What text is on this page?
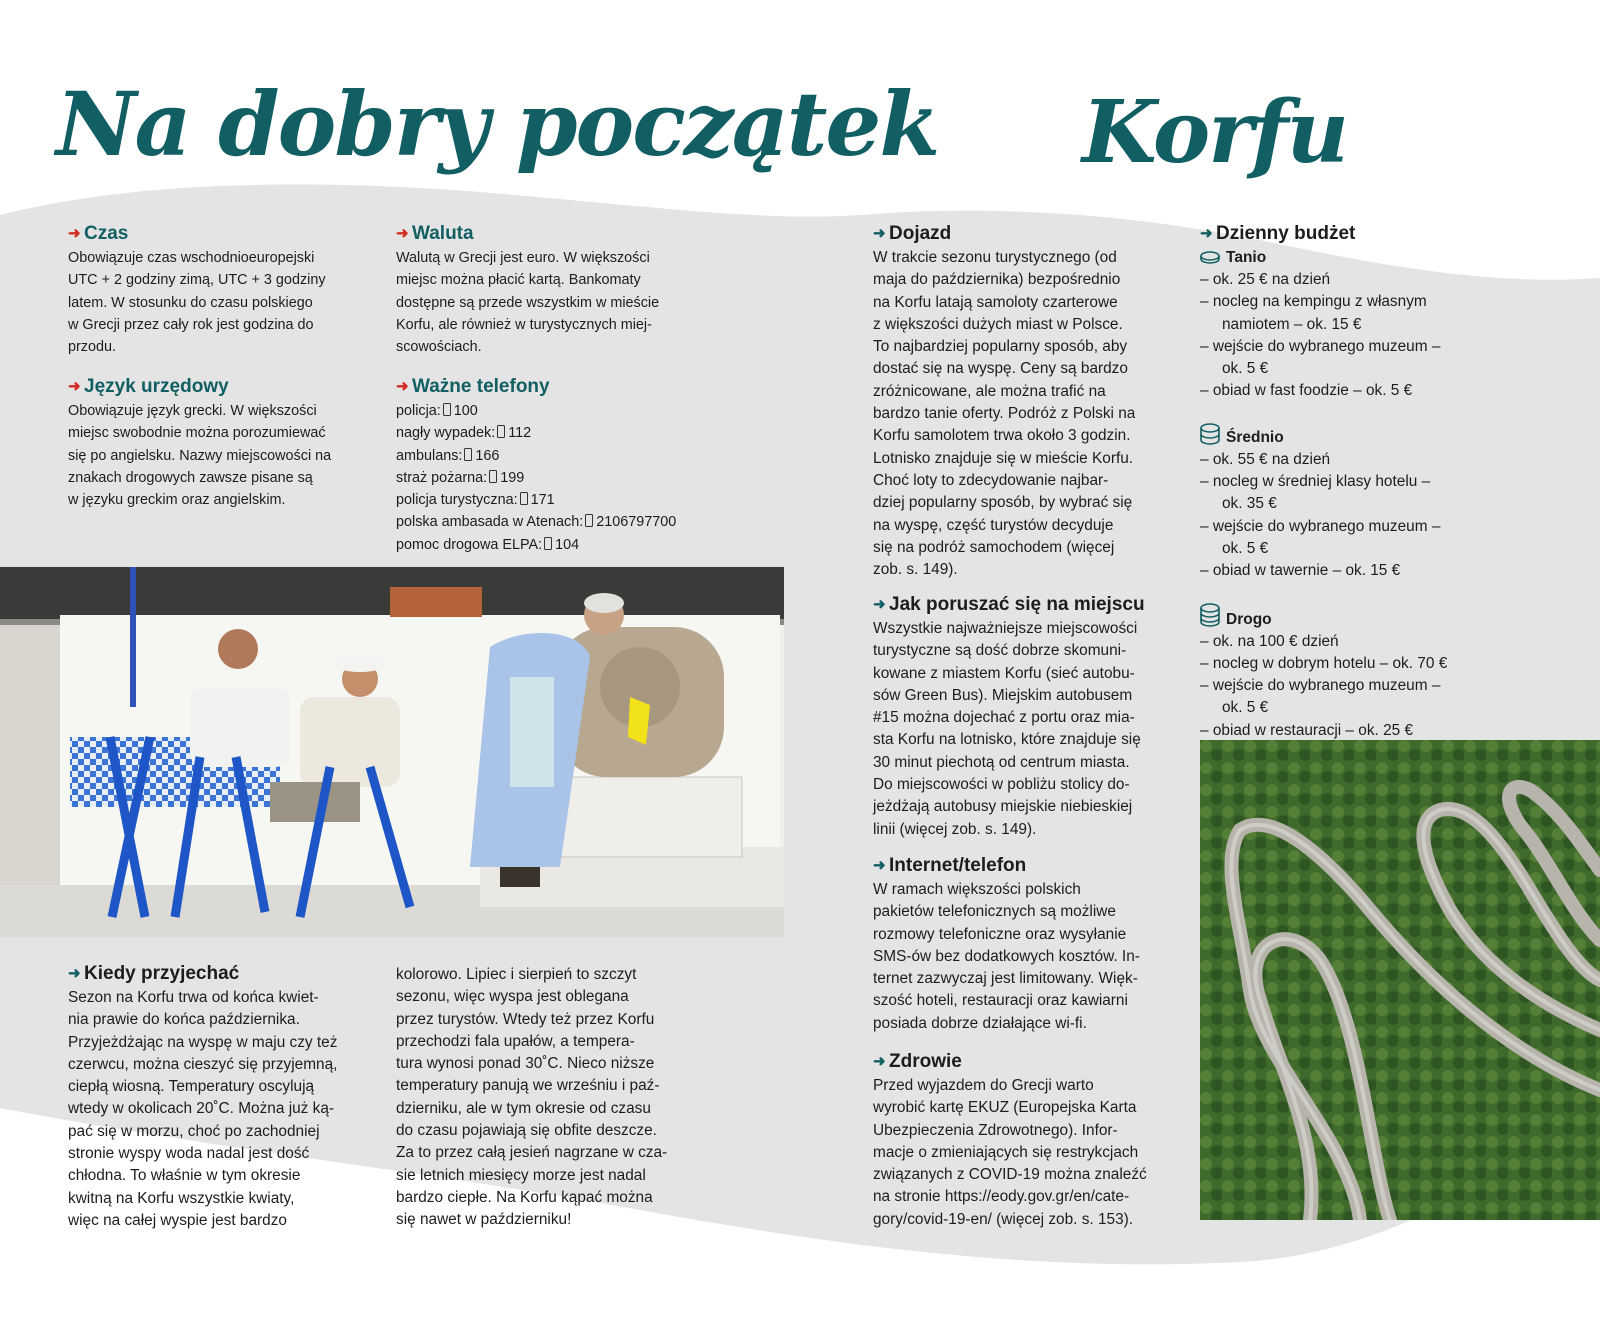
Na dobry początek Korfu
➜ Czas
Obowiązuje czas wschodnioeuropejski
UTC + 2 godziny zimą, UTC + 3 godziny
latem. W stosunku do czasu polskiego
w Grecji przez cały rok jest godzina do
przodu.
➜ Waluta
Walutą w Grecji jest euro. W większości
miejsc można płacić kartą. Bankomaty
dostępne są przede wszystkim w mieście
Korfu, ale również w turystycznych miej-
scowościach.
➜ Język urzędowy
Obowiązuje język grecki. W większości
miejsc swobodnie można porozumiewać
się po angielsku. Nazwy miejscowości na
znakach drogowych zawsze pisane są
w języku greckim oraz angielskim.
➜ Ważne telefony
policja: 100
nagły wypadek: 112
ambulans: 166
straż pożarna: 199
policja turystyczna: 171
polska ambasada w Atenach: 2106797700
pomoc drogowa ELPA: 104
➜ Kiedy przyjechać
Sezon na Korfu trwa od końca kwiet-
nia prawie do końca października.
Przyjeżdżając na wyspę w maju czy też
czerwcu, można cieszyć się przyjemną,
ciepłą wiosną. Temperatury oscylują
wtedy w okolicach 20˚C. Można już ką-
pać się w morzu, choć po zachodniej
stronie wyspy woda nadal jest dość
chłodna. To właśnie w tym okresie
kwitną na Korfu wszystkie kwiaty,
więc na całej wyspie jest bardzo
kolorowo. Lipiec i sierpień to szczyt
sezonu, więc wyspa jest oblegana
przez turystów. Wtedy też przez Korfu
przechodzi fala upałów, a tempera-
tura wynosi ponad 30˚C. Nieco niższe
temperatury panują we wrześniu i paź-
dzierniku, ale w tym okresie od czasu
do czasu pojawiają się obfite deszcze.
Za to przez całą jesień nagrzane w cza-
sie letnich miesięcy morze jest nadal
bardzo ciepłe. Na Korfu kąpać można
się nawet w październiku!
➜ Dojazd
W trakcie sezonu turystycznego (od
maja do października) bezpośrednio
na Korfu latają samoloty czarterowe
z większości dużych miast w Polsce.
To najbardziej popularny sposób, aby
dostać się na wyspę. Ceny są bardzo
zróżnicowane, ale można trafić na
bardzo tanie oferty. Podróż z Polski na
Korfu samolotem trwa około 3 godzin.
Lotnisko znajduje się w mieście Korfu.
Choć loty to zdecydowanie najbar-
dziej popularny sposób, by wybrać się
na wyspę, część turystów decyduje
się na podróż samochodem (więcej
zob. s. 149).
➜ Jak poruszać się na miejscu
Wszystkie najważniejsze miejscowości
turystyczne są dość dobrze skomuni-
kowane z miastem Korfu (sieć autobu-
sów Green Bus). Miejskim autobusem
#15 można dojechać z portu oraz mia-
sta Korfu na lotnisko, które znajduje się
30 minut piechotą od centrum miasta.
Do miejscowości w pobliżu stolicy do-
jeżdżają autobusy miejskie niebieskiej
linii (więcej zob. s. 149).
➜ Internet/telefon
W ramach większości polskich
pakietów telefonicznych są możliwe
rozmowy telefoniczne oraz wysyłanie
SMS-ów bez dodatkowych kosztów. In-
ternet zazwyczaj jest limitowany. Więk-
szość hoteli, restauracji oraz kawiarni
posiada dobrze działające wi-fi.
➜ Zdrowie
Przed wyjazdem do Grecji warto
wyrobić kartę EKUZ (Europejska Karta
Ubezpieczenia Zdrowotnego). Infor-
macje o zmieniających się restrykcjach
związanych z COVID-19 można znaleźć
na stronie https://eody.gov.gr/en/cate-
gory/covid-19-en/ (więcej zob. s. 153).
➜ Dzienny budżet
Tanio
– ok. 25 € na dzień
– nocleg na kempingu z własnym
namiotem – ok. 15 €
– wejście do wybranego muzeum –
ok. 5 €
– obiad w fast foodzie – ok. 5 €
Średnio
– ok. 55 € na dzień
– nocleg w średniej klasy hotelu –
ok. 35 €
– wejście do wybranego muzeum –
ok. 5 €
– obiad w tawernie – ok. 15 €
Drogo
– ok. na 100 € dzień
– nocleg w dobrym hotelu – ok. 70 €
– wejście do wybranego muzeum –
ok. 5 €
– obiad w restauracji – ok. 25 €
